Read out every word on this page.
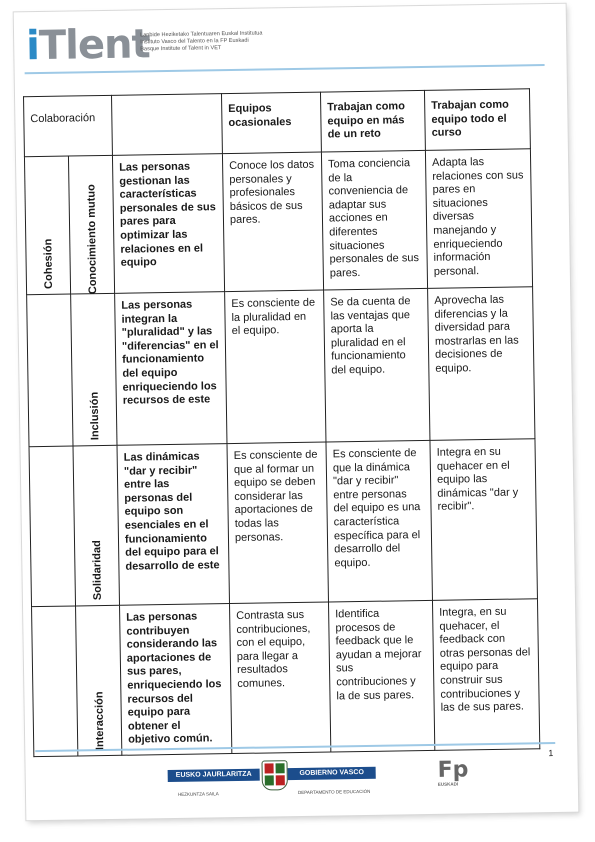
iTlent
Lanbide Heziketako Talentuaren Euskal Institutua
Instituto Vasco del Talento en la FP Euskadi
Basque Institute of Talent in VET
Colaboración			Equipos ocasionales	Trabajan como equipo en más de un reto	Trabajan como equipo todo el curso

Cohesión	Conocimiento mutuo	Las personas gestionan las características personales de sus pares para optimizar las relaciones en el equipo	Conoce los datos personales y profesionales básicos de sus pares.	Toma conciencia de la conveniencia de adaptar sus acciones en diferentes situaciones personales de sus pares.	Adapta las relaciones con sus pares en situaciones diversas manejando y enriqueciendo información personal.

	Inclusión	Las personas integran la "pluralidad" y las "diferencias" en el funcionamiento del equipo enriqueciendo los recursos de este	Es consciente de la pluralidad en el equipo.	Se da cuenta de las ventajas que aporta la pluralidad en el funcionamiento del equipo.	Aprovecha las diferencias y la diversidad para mostrarlas en las decisiones de equipo.

	Solidaridad	Las dinámicas "dar y recibir" entre las personas del equipo son esenciales en el funcionamiento del equipo para el desarrollo de este	Es consciente de que al formar un equipo se deben considerar las aportaciones de todas las personas.	Es consciente de que la dinámica "dar y recibir" entre personas del equipo es una característica específica para el desarrollo del equipo.	Integra en su quehacer en el equipo las dinámicas "dar y recibir".

	Interacción	Las personas contribuyen considerando las aportaciones de sus pares, enriqueciendo los recursos del equipo para obtener el objetivo común.	Contrasta sus contribuciones, con el equipo, para llegar a resultados comunes.	Identifica procesos de feedback que le ayudan a mejorar sus contribuciones y la de sus pares.	Integra, en su quehacer, el feedback con otras personas del equipo para construir sus contribuciones y las de sus pares.
1
EUSKO JAURLARITZA	GOBIERNO VASCO
HEZKUNTZA SAILA	DEPARTAMENTO DE EDUCACIÓN
Fp
EUSKADI
